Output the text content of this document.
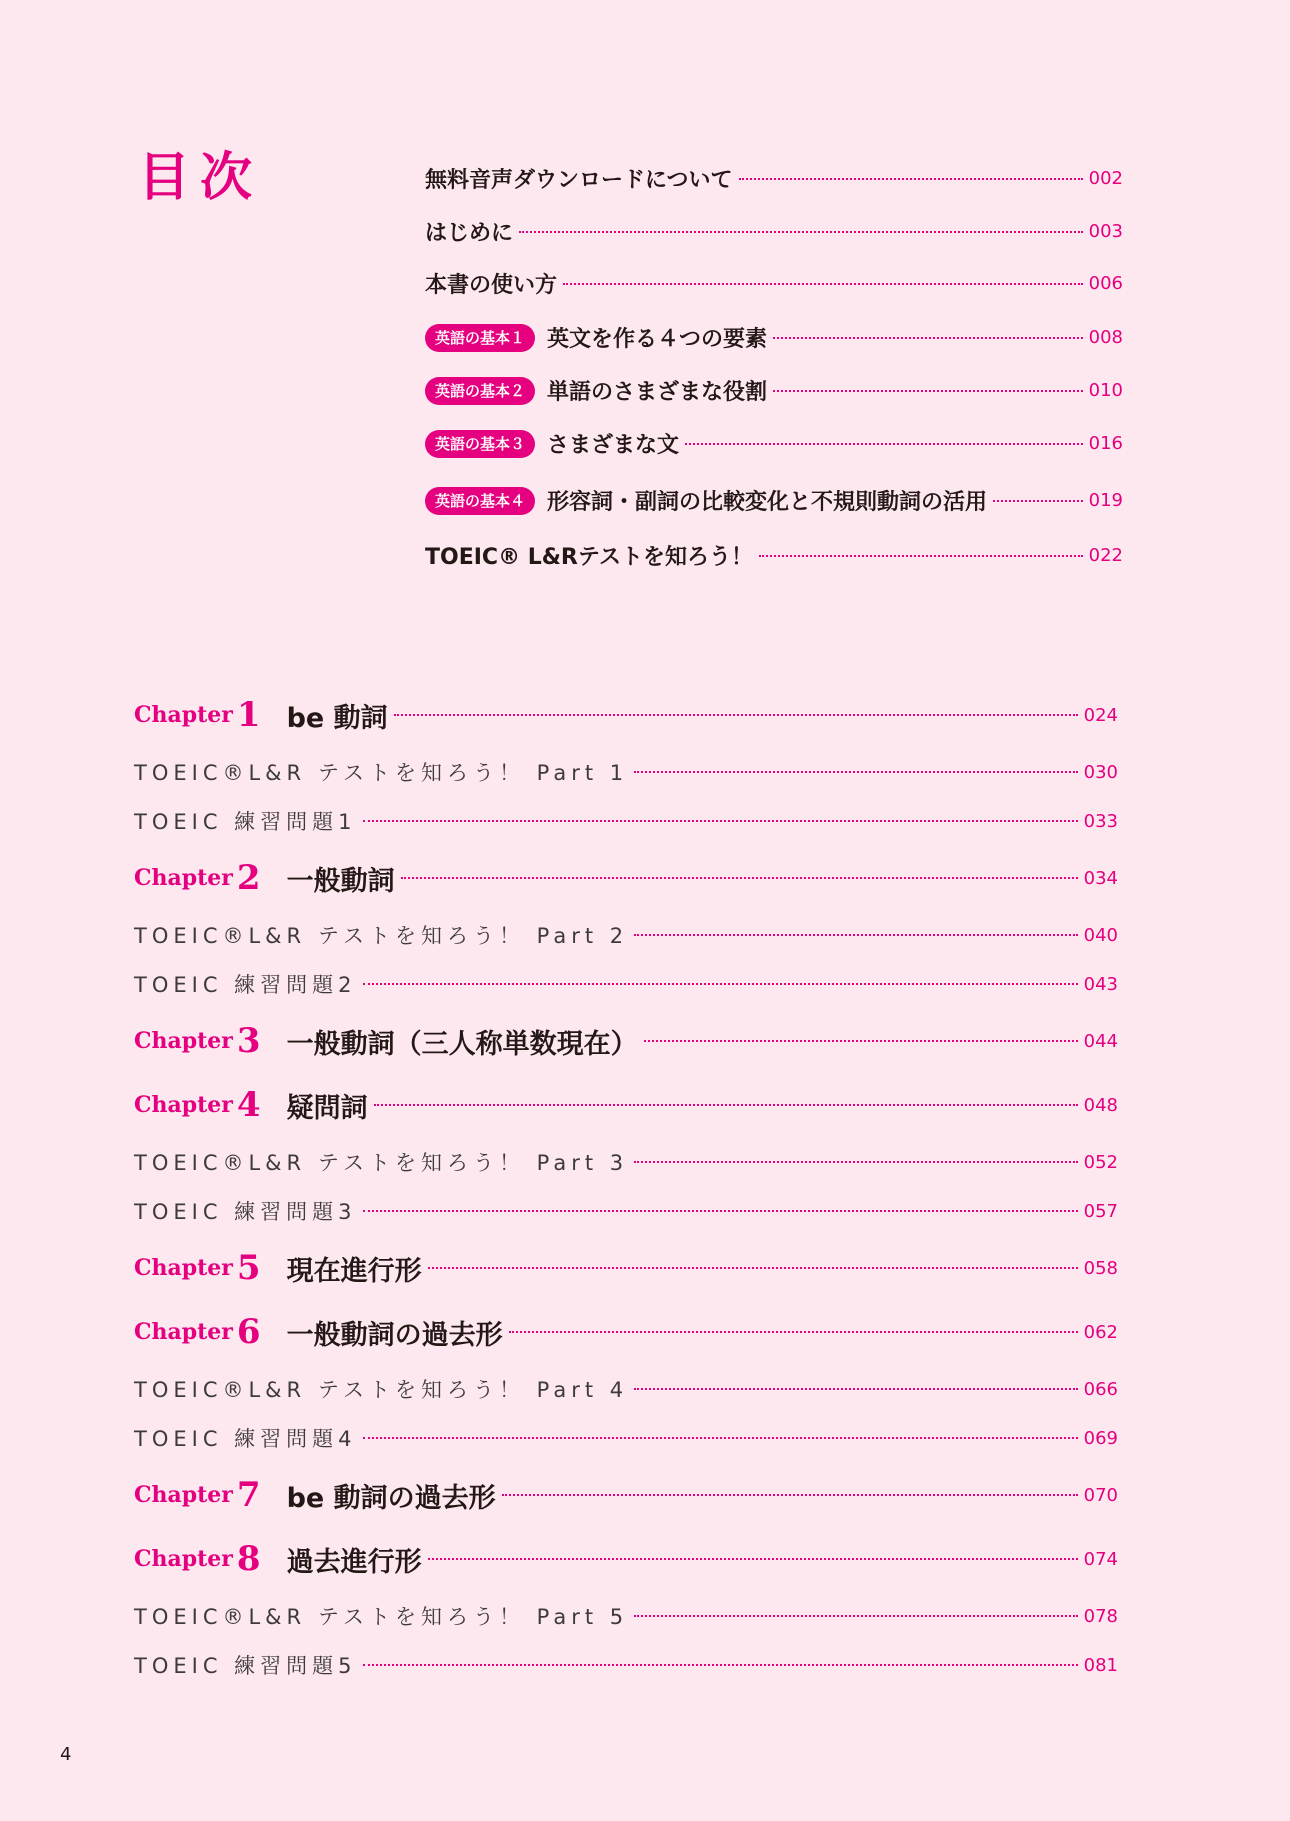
目次	無料音声ダウンロードについて	002
はじめに	003
本書の使い方	006
英語の基本１	英文を作る４つの要素	008
英語の基本２	単語のさまざまな役割	010
英語の基本３	さまざまな文	016
英語の基本４	形容詞・副詞の比較変化と不規則動詞の活用	019
TOEIC® L&Rテストを知ろう！	022
Chapter 1 be 動詞	024
TOEIC®L&R テストを知ろう！ Part 1	030
TOEIC 練習問題1	033
Chapter 2 一般動詞	034
TOEIC®L&R テストを知ろう！ Part 2	040
TOEIC 練習問題2	043
Chapter 3 一般動詞（三人称単数現在）	044
Chapter 4 疑問詞	048
TOEIC®L&R テストを知ろう！ Part 3	052
TOEIC 練習問題3	057
Chapter 5 現在進行形	058
Chapter 6 一般動詞の過去形	062
TOEIC®L&R テストを知ろう！ Part 4	066
TOEIC 練習問題4	069
Chapter 7 be 動詞の過去形	070
Chapter 8 過去進行形	074
TOEIC®L&R テストを知ろう！ Part 5	078
TOEIC 練習問題5	081
4
